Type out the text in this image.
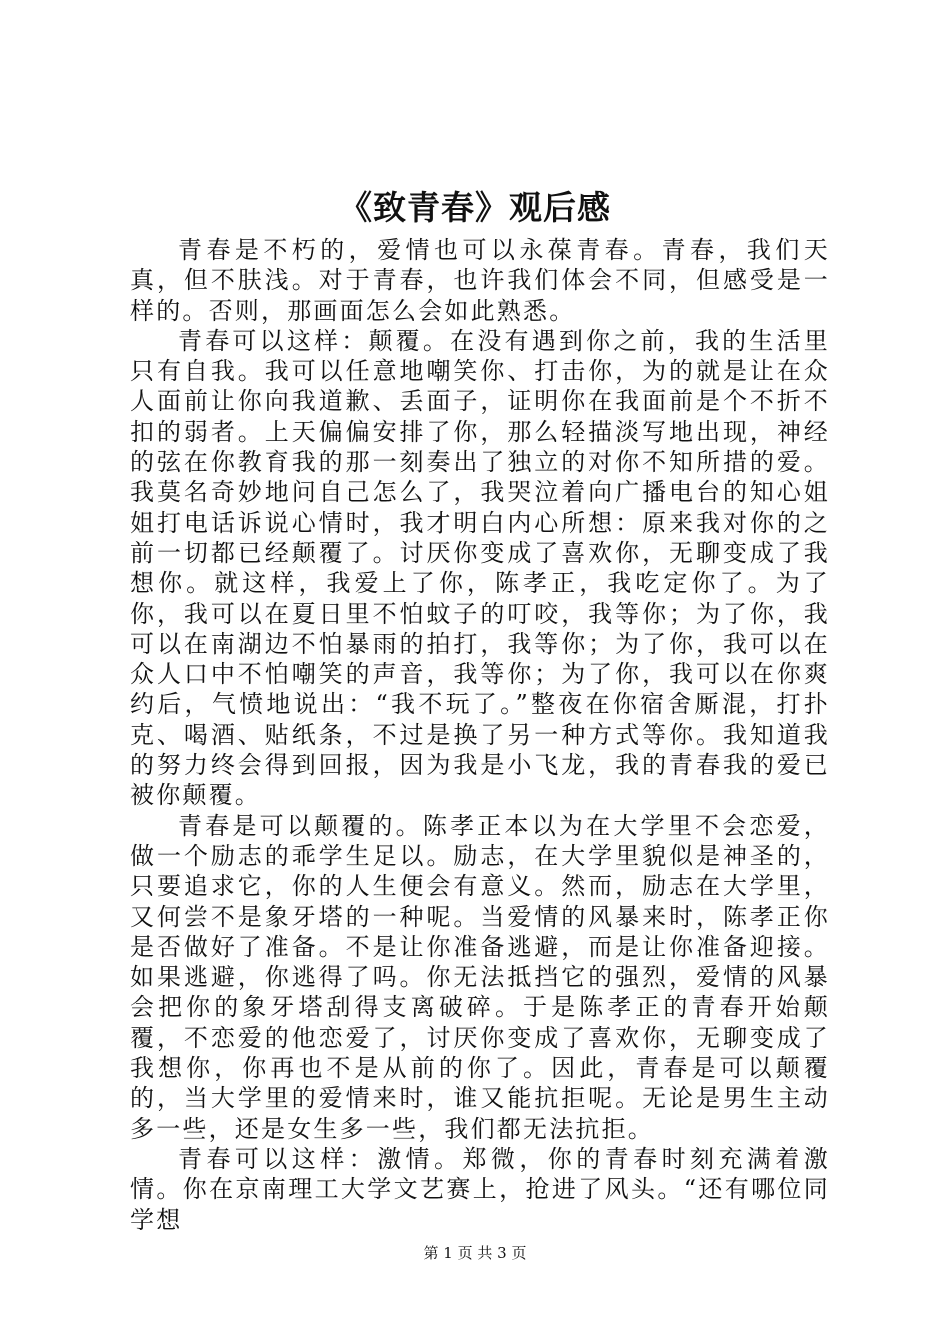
《致青春》观后感

青春是不朽的，爱情也可以永葆青春。青春，我们天真，但不肤浅。对于青春，也许我们体会不同，但感受是一样的。否则，那画面怎么会如此熟悉。

青春可以这样：颠覆。在没有遇到你之前，我的生活里只有自我。我可以任意地嘲笑你、打击你，为的就是让在众人面前让你向我道歉、丢面子，证明你在我面前是个不折不扣的弱者。上天偏偏安排了你，那么轻描淡写地出现，神经的弦在你教育我的那一刻奏出了独立的对你不知所措的爱。我莫名奇妙地问自己怎么了，我哭泣着向广播电台的知心姐姐打电话诉说心情时，我才明白内心所想：原来我对你的之前一切都已经颠覆了。讨厌你变成了喜欢你，无聊变成了我想你。就这样，我爱上了你，陈孝正，我吃定你了。为了你，我可以在夏日里不怕蚊子的叮咬，我等你；为了你，我可以在南湖边不怕暴雨的拍打，我等你；为了你，我可以在众人口中不怕嘲笑的声音，我等你；为了你，我可以在你爽约后，气愤地说出：“我不玩了。”整夜在你宿舍厮混，打扑克、喝酒、贴纸条，不过是换了另一种方式等你。我知道我的努力终会得到回报，因为我是小飞龙，我的青春我的爱已被你颠覆。

青春是可以颠覆的。陈孝正本以为在大学里不会恋爱，做一个励志的乖学生足以。励志，在大学里貌似是神圣的，只要追求它，你的人生便会有意义。然而，励志在大学里，又何尝不是象牙塔的一种呢。当爱情的风暴来时，陈孝正你是否做好了准备。不是让你准备逃避，而是让你准备迎接。如果逃避，你逃得了吗。你无法抵挡它的强烈，爱情的风暴会把你的象牙塔刮得支离破碎。于是陈孝正的青春开始颠覆，不恋爱的他恋爱了，讨厌你变成了喜欢你，无聊变成了我想你，你再也不是从前的你了。因此，青春是可以颠覆的，当大学里的爱情来时，谁又能抗拒呢。无论是男生主动多一些，还是女生多一些，我们都无法抗拒。

青春可以这样：激情。郑微，你的青春时刻充满着激情。你在京南理工大学文艺赛上，抢进了风头。“还有哪位同学想

第 1 页 共 3 页
